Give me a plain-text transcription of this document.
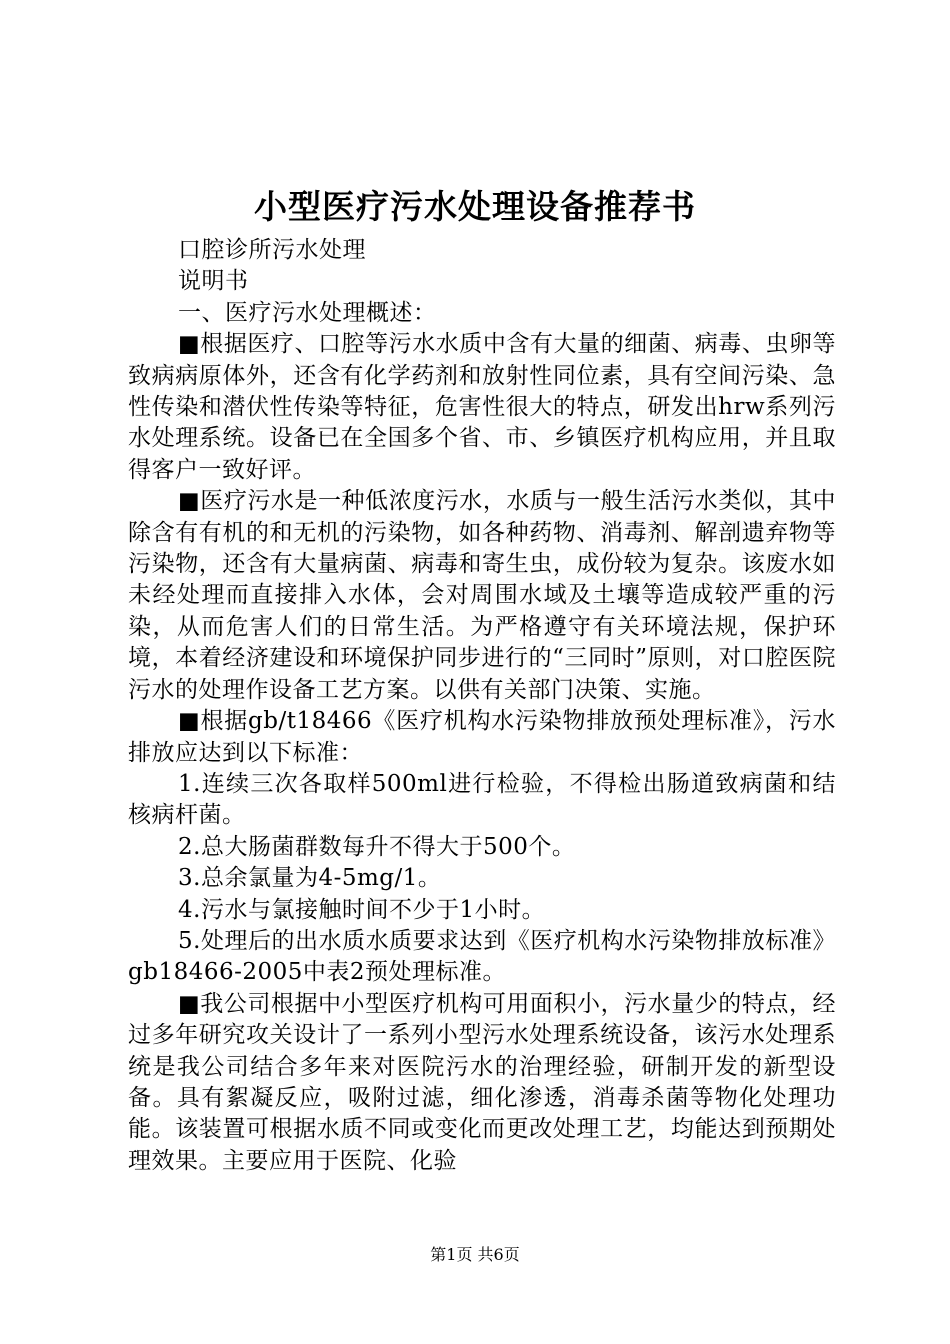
小型医疗污水处理设备推荐书

口腔诊所污水处理

说明书

一、医疗污水处理概述：

■根据医疗、口腔等污水水质中含有大量的细菌、病毒、虫卵等致病病原体外，还含有化学药剂和放射性同位素，具有空间污染、急性传染和潜伏性传染等特征，危害性很大的特点，研发出hrw系列污水处理系统。设备已在全国多个省、市、乡镇医疗机构应用，并且取得客户一致好评。

■医疗污水是一种低浓度污水，水质与一般生活污水类似，其中除含有有机的和无机的污染物，如各种药物、消毒剂、解剖遗弃物等污染物，还含有大量病菌、病毒和寄生虫，成份较为复杂。该废水如未经处理而直接排入水体，会对周围水域及土壤等造成较严重的污染，从而危害人们的日常生活。为严格遵守有关环境法规，保护环境，本着经济建设和环境保护同步进行的“三同时”原则，对口腔医院污水的处理作设备工艺方案。以供有关部门决策、实施。

■根据gb/t18466《医疗机构水污染物排放预处理标准》，污水排放应达到以下标准：

1.连续三次各取样500ml进行检验，不得检出肠道致病菌和结核病杆菌。

2.总大肠菌群数每升不得大于500个。

3.总余氯量为4-5mg/1。

4.污水与氯接触时间不少于1小时。

5.处理后的出水质水质要求达到《医疗机构水污染物排放标准》gb18466-2005中表2预处理标准。

■我公司根据中小型医疗机构可用面积小，污水量少的特点，经过多年研究攻关设计了一系列小型污水处理系统设备，该污水处理系统是我公司结合多年来对医院污水的治理经验，研制开发的新型设备。具有絮凝反应，吸附过滤，细化渗透，消毒杀菌等物化处理功能。该装置可根据水质不同或变化而更改处理工艺，均能达到预期处理效果。主要应用于医院、化验

第1页 共6页
